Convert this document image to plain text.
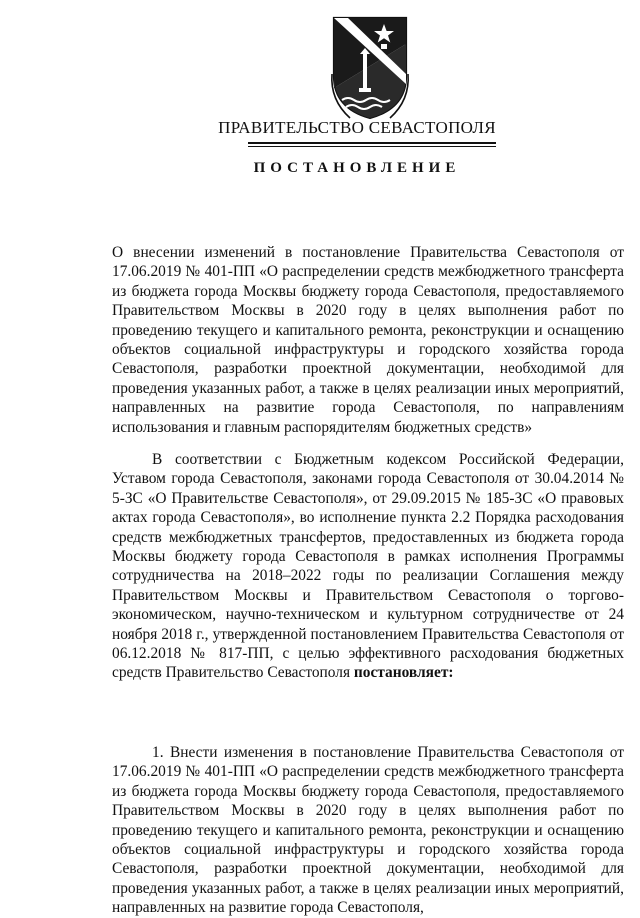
ПРАВИТЕЛЬСТВО СЕВАСТОПОЛЯ
ПОСТАНОВЛЕНИЕ
О внесении изменений в постановление Правительства Севастополя от 17.06.2019 № 401-ПП «О распределении средств межбюджетного трансферта из бюджета города Москвы бюджету города Севастополя, предоставляемого Правительством Москвы в 2020 году в целях выполнения работ по проведению текущего и капитального ремонта, реконструкции и оснащению объектов социальной инфраструктуры и городского хозяйства города Севастополя, разработки проектной документации, необходимой для проведения указанных работ, а также в целях реализации иных мероприятий, направленных на развитие города Севастополя, по направлениям использования и главным распорядителям бюджетных средств»
В соответствии с Бюджетным кодексом Российской Федерации, Уставом города Севастополя, законами города Севастополя от 30.04.2014 № 5-ЗС «О Правительстве Севастополя», от 29.09.2015 № 185-ЗС «О правовых актах города Севастополя», во исполнение пункта 2.2 Порядка расходования средств межбюджетных трансфертов, предоставленных из бюджета города Москвы бюджету города Севастополя в рамках исполнения Программы сотрудничества на 2018–2022 годы по реализации Соглашения между Правительством Москвы и Правительством Севастополя о торгово-экономическом, научно-техническом и культурном сотрудничестве от 24 ноября 2018 г., утвержденной постановлением Правительства Севастополя от 06.12.2018 № 817-ПП, с целью эффективного расходования бюджетных средств Правительство Севастополя постановляет:
1. Внести изменения в постановление Правительства Севастополя от 17.06.2019 № 401-ПП «О распределении средств межбюджетного трансферта из бюджета города Москвы бюджету города Севастополя, предоставляемого Правительством Москвы в 2020 году в целях выполнения работ по проведению текущего и капитального ремонта, реконструкции и оснащению объектов социальной инфраструктуры и городского хозяйства города Севастополя, разработки проектной документации, необходимой для проведения указанных работ, а также в целях реализации иных мероприятий, направленных на развитие города Севастополя,
